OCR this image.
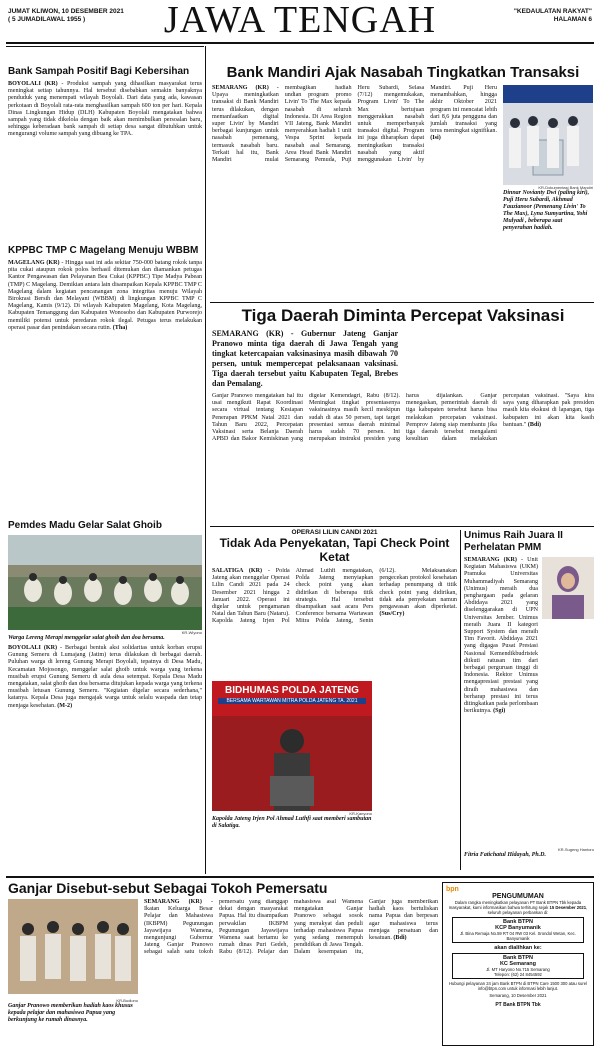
JUMAT KLIWON, 10 DESEMBER 2021
( 5 JUMADILAWAL 1955 )	JAWA TENGAH	"KEDAULATAN RAKYAT"
HALAMAN 6
Bank Sampah Positif Bagi Kebersihan
BOYOLALI (KR) - Produksi sampah yang dihasilkan masyarakat terus meningkat setiap tahunnya. Hal tersebut disebabkan semakin banyaknya penduduk yang menempati wilayah Boyolali. Dari data yang ada, kawasan perkotaan di Boyolali rata-rata menghasilkan sampah 600 ton per hari. Kepala Dinas Lingkungan Hidup (DLH) Kabupaten Boyolali mengatakan bahwa sampah yang tidak dikelola dengan baik akan menimbulkan persoalan baru, sehingga keberadaan bank sampah di setiap desa sangat dibutuhkan untuk mengurangi volume sampah yang dibuang ke TPA.
KPPBC TMP C Magelang Menuju WBBM
MAGELANG (KR) - Hingga saat ini ada sekitar 750-000 batang rokok tanpa pita cukai ataupun rokok polos berhasil ditemukan dan diamankan petugas Kantor Pengawasan dan Pelayanan Bea Cukai (KPPBC) Tipe Madya Pabean (TMP) C Magelang. Demikian antara lain disampaikan Kepala KPPBC TMP C Magelang dalam kegiatan pencanangan zona integritas menuju Wilayah Birokrasi Bersih dan Melayani (WBBM) di lingkungan KPPBC TMP C Magelang, Kamis (9/12). Di wilayah Kabupaten Magelang, Kota Magelang, Kabupaten Temanggung dan Kabupaten Wonosobo dan Kabupaten Purworejo memiliki potensi untuk peredaran rokok ilegal. Petugas terus melakukan operasi pasar dan penindakan secara rutin. (Tha)
Pemdes Madu Gelar Salat Ghoib
KR-Wiyono
Warga Lereng Merapi menggelar salat ghoib dan doa bersama.
BOYOLALI (KR) - Berbagai bentuk aksi solidaritas untuk korban erupsi Gunung Semeru di Lumajang (Jatim) terus dilakukan di berbagai daerah. Puluhan warga di lereng Gunung Merapi Boyolali, tepatnya di Desa Madu, Kecamatan Mojosongo, menggelar salat ghoib untuk warga yang terkena musibah erupsi Gunung Semeru di aula desa setempat. Kepala Desa Madu mengatakan, salat ghoib dan doa bersama ditujukan kepada warga yang terkena musibah letusan Gunung Semeru. "Kegiatan digelar secara sederhana," katanya. Kepala Desa juga mengajak warga untuk selalu waspada dan tetap menjaga kesehatan. (M-2)
Bank Mandiri Ajak Nasabah Tingkatkan Transaksi
SEMARANG (KR) - Upaya meningkatkan transaksi di Bank Mandiri terus dilakukan, dengan memanfaatkan digital super Livin' by Mandiri berbagai kunjungan untuk nasabah pemenang, termasuk nasabah baru. Terkait hal itu, Bank Mandiri mulai membagikan hadiah undian program promo Livin' To The Max kepada nasabah di seluruh Indonesia. Di Area Region VII Jateng, Bank Mandiri menyerahkan hadiah 1 unit Vespa Sprint kepada nasabah asal Semarang. Area Head Bank Mandiri Semarang Pemuda, Puji Heru Subardi, Selasa (7/12) mengemukakan, Program Livin' To The Max bertujuan menggerakkan nasabah untuk memperbanyak transaksi digital. Program ini juga diharapkan dapat meningkatkan transaksi nasabah yang aktif menggunakan Livin' by Mandiri. Puji Heru menambahkan, hingga akhir Oktober 2021 program ini mencatat lebih dari 8,6 juta pengguna dan jumlah transaksi yang terus meningkat signifikan. (Isi)
KR-Dokumentasi Bank Mandiri
Dinnar Novianty Dwi (paling kiri), Puji Heru Subardi, Akhmad Fauzianoor (Pemenang Livin' To The Max), Lyna Sumyartina, Yohi Mulyadi , beberapa saat penyerahan hadiah.
Tiga Daerah Diminta Percepat Vaksinasi
SEMARANG (KR) - Gubernur Jateng Ganjar Pranowo minta tiga daerah di Jawa Tengah yang tingkat ketercapaian vaksinasinya masih dibawah 70 persen, untuk mempercepat pelaksanaan vaksinasi. Tiga daerah tersebut yaitu Kabupaten Tegal, Brebes dan Pemalang.
Ganjar Pranowo mengatakan hal itu usai mengikuti Rapat Koordinasi secara virtual tentang Kesiapan Penerapan PPKM Natal 2021 dan Tahun Baru 2022, Percepatan Vaksinasi serta Belanja Daerah APBD dan Bakor Kemiskinan yang digelar Kemendagri, Rabu (8/12). Meningkat tingkat presentasenya vaksinasinya masih kecil meskipun sudah di atas 50 persen, tapi target presentasi semua daerah minimal harus sudah 70 persen. Ini merupakan instruksi presiden yang harus dijalankan. Ganjar menegaskan, pemerintah daerah di tiga kabupaten tersebut harus bisa melakukan percepatan vaksinasi. Pemprov Jateng siap membantu jika tiga daerah tersebut mengalami kesulitan dalam melakukan percepatan vaksinasi. "Saya kira saya yang diharapkan pak presiden masih kita ekskusi di lapangan, tiga kabupaten ini akan kita kasih bantuan." (Bdi)
OPERASI LILIN CANDI 2021
Tidak Ada Penyekatan, Tapi Check Point Ketat
SALATIGA (KR) - Polda Jateng akan menggelar Operasi Lilin Candi 2021 pada 24 Desember 2021 hingga 2 Januari 2022. Operasi ini digelar untuk pengamanan Natal dan Tahun Baru (Nataru). Kapolda Jateng Irjen Pol Ahmad Luthfi mengatakan, Polda Jateng menyiapkan check point yang akan didirikan di beberapa titik strategis. Hal tersebut disampaikan saat acara Pers Conference bersama Wartawan Mitra Polda Jateng, Senin (6/12). Melaksanakan pengecekan protokol kesehatan terhadap penumpang di titik check point yang didirikan, tidak ada penyekatan namun pengawasan akan diperketat. (Sus/Cry)
BIDHUMAS POLDA JATENG
BERSAMA WARTAWAN MITRA POLDA JATENG TA. 2021
KR-Kanyono
Kapolda Jateng Irjen Pol Ahmad Luthfi saat memberi sambutan di Salatiga.
Unimus Raih Juara II Perhelatan PMM
SEMARANG (KR) - Unit Kegiatan Mahasiswa (UKM) Pramuka Universitas Muhammadiyah Semarang (Unimus) meraih dua penghargaan pada gelaran Abdidaya 2021 yang diselenggarakan di UPN Universitas Jember. Unimus meraih Juara II kategori Support System dan meraih Tim Favorit. Abdidaya 2021 yang digagas Pusat Prestasi Nasional Kemendikbudristek diikuti ratusan tim dari berbagai perguruan tinggi di Indonesia. Rektor Unimus mengapresiasi prestasi yang diraih mahasiswa dan berharap prestasi ini terus ditingkatkan pada perlombaan berikutnya. (Sgi)
KR-Sugeng Hantoro
Fitria Fatichatul Hidayah, Ph.D.
Ganjar Disebut-sebut Sebagai Tokoh Pemersatu
SEMARANG (KR) - Ikatan Keluarga Besar Pelajar dan Mahasiswa (IKBPM) Pegunungan Jayawijaya Wamena, mengunjungi Gubernur Jateng Ganjar Pranowo sebagai salah satu tokoh pemersatu yang dianggap dekat dengan masyarakat Papua. Hal itu disampaikan perwakilan IKBPM Pegunungan Jayawijaya Wamena saat bertamu ke rumah dinas Puri Gedeh, Rabu (8/12). Pelajar dan mahasiswa asal Wamena mengatakan Ganjar Pranowo sebagai sosok yang merakyat dan peduli terhadap mahasiswa Papua yang sedang menempuh pendidikan di Jawa Tengah. Dalam kesempatan itu, Ganjar juga memberikan hadiah kaos bertuliskan nama Papua dan berpesan agar mahasiswa terus menjaga persatuan dan kesatuan. (Bdi)
KR-Budiono
Ganjar Pranowo memberikan hadiah kaos khusus kepada pelajar dan mahasiswa Papua yang berkunjung ke rumah dinasnya.
bpn
PENGUMUMAN
Dalam rangka meningkatkan pelayanan PT Bank BTPN Tbk kepada masyarakat, kami informasikan bahwa terhitung sejak 15 Desember 2021, seluruh pelayanan perbankan di:
Bank BTPN
KCP Banyumanik
Jl. Bina Remaja No.59 RT 04 RW 03 Kel. Srondol Wetan, Kec. Banyumanik
akan dialihkan ke:
Bank BTPN
KC Semarang
Jl. MT Haryono No.715 Semarang
Telepon: (62) 24 8454592
Hubungi pelayanan 24 jam Bank BTPN di BTPN Care 1500 300 atau surel info@btpn.com untuk informasi lebih lanjut.
Semarang, 10 Desember 2021
PT Bank BTPN Tbk
